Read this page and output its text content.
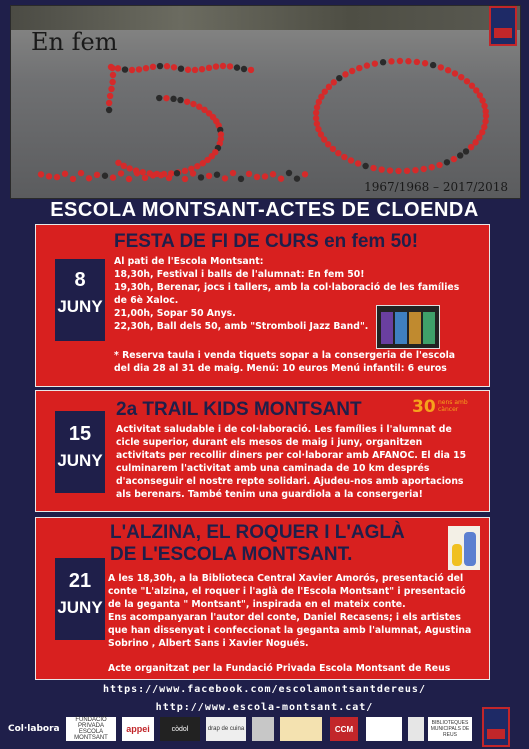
En fem
1967/1968 – 2017/2018
ESCOLA MONTSANT-ACTES DE CLOENDA
8
JUNY
FESTA DE FI DE CURS en fem 50!
Al pati de l'Escola Montsant:
18,30h, Festival i balls de l'alumnat: En fem 50!
19,30h, Berenar, jocs i tallers, amb la col·laboració de les famílies
de 6è Xaloc.
21,00h, Sopar 50 Anys.
22,30h, Ball dels 50, amb "Stromboli Jazz Band".
* Reserva taula i venda tiquets sopar a la consergeria de l'escola
del dia 28 al 31 de maig. Menú: 10 euros Menú infantil: 6 euros
15
JUNY
2a TRAIL KIDS MONTSANT	30 nens amb càncer
Activitat saludable i de col·laboració. Les famílies i l'alumnat de
cicle superior, durant els mesos de maig i juny, organitzen
activitats per recollir diners per col·laborar amb AFANOC. El dia 15
culminarem l'activitat amb una caminada de 10 km després
d'aconseguir el nostre repte solidari. Ajudeu-nos amb aportacions
als berenars. També tenim una guardiola a la consergeria!
21
JUNY
L'ALZINA, EL ROQUER I L'AGLÀ
DE L'ESCOLA MONTSANT.
A les 18,30h, a la Biblioteca Central Xavier Amorós, presentació del
conte "L'alzina, el roquer i l'aglà de l'Escola Montsant" i presentació
de la geganta " Montsant", inspirada en el mateix conte.
Ens acompanyaran l'autor del conte, Daniel Recasens; i els artistes
que han dissenyat i confeccionat la geganta amb l'alumnat, Agustina
Sobrino , Albert Sans i Xavier Nogués.
Acte organitzat per la Fundació Privada Escola Montsant de Reus
https://www.facebook.com/escolamontsantdereus/
http://www.escola-montsant.cat/
Col·labora
FUNDACIÓ PRIVADA ESCOLA MONTSANT
appei	còdol	drap de cuina	CCM
BIBLIOTEQUES MUNICIPALS DE REUS
